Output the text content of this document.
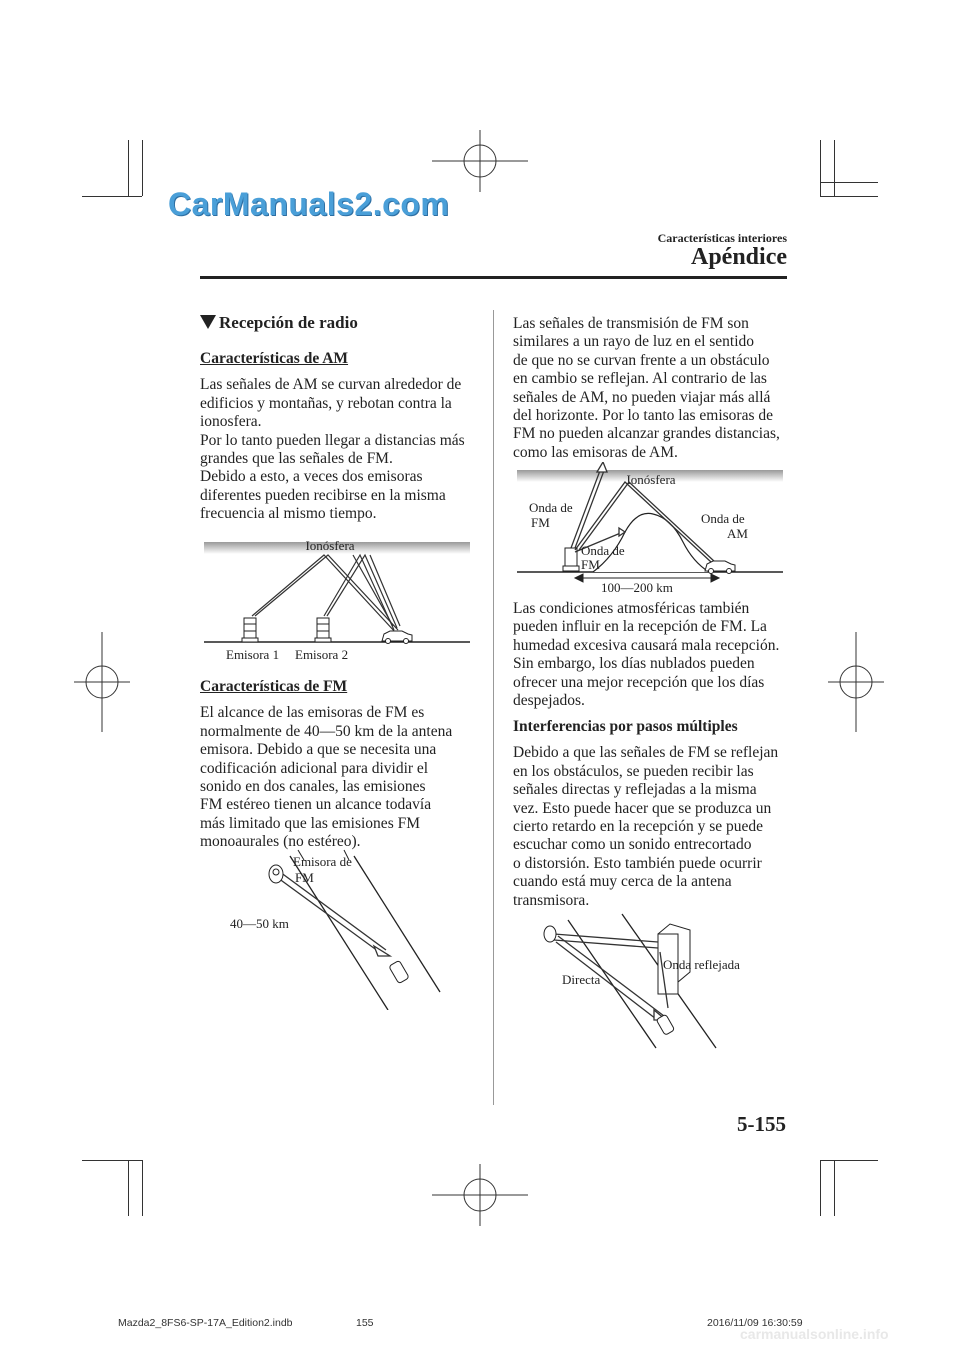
CarManuals2.com
carmanualsonline.info
Características interiores
Apéndice
Recepción de radio
Características de AM

Las señales de AM se curvan alrededor de

edificios y montañas, y rebotan contra la

ionosfera.

Por lo tanto pueden llegar a distancias más

grandes que las señales de FM.

Debido a esto, a veces dos emisoras

diferentes pueden recibirse en la misma

frecuencia al mismo tiempo.

Ionósfera
Emisora 1 Emisora 2
Características de FM

El alcance de las emisoras de FM es

normalmente de 40—50 km de la antena

emisora. Debido a que se necesita una

codificación adicional para dividir el

sonido en dos canales, las emisiones

FM estéreo tienen un alcance todavía

más limitado que las emisiones FM

monoaurales (no estéreo).

Emisora de
FM
40—50 km

Las señales de transmisión de FM son

similares a un rayo de luz en el sentido

de que no se curvan frente a un obstáculo

en cambio se reflejan. Al contrario de las

señales de AM, no pueden viajar más allá

del horizonte. Por lo tanto las emisoras de

FM no pueden alcanzar grandes distancias,

como las emisoras de AM.

Ionósfera
Onda de
FM
Onda de
FM
Onda de
AM
100—200 km

Las condiciones atmosféricas también

pueden influir en la recepción de FM. La

humedad excesiva causará mala recepción.

Sin embargo, los días nublados pueden

ofrecer una mejor recepción que los días

despejados.

Interferencias por pasos múltiples

Debido a que las señales de FM se reflejan

en los obstáculos, se pueden recibir las

señales directas y reflejadas a la misma

vez. Esto puede hacer que se produzca un

cierto retardo en la recepción y se puede

escuchar como un sonido entrecortado

o distorsión. Esto también puede ocurrir

cuando está muy cerca de la antena

transmisora.

Onda reflejada
Directa
5-155
Mazda2_8FS6-SP-17A_Edition2.indb	155	2016/11/09 16:30:59
